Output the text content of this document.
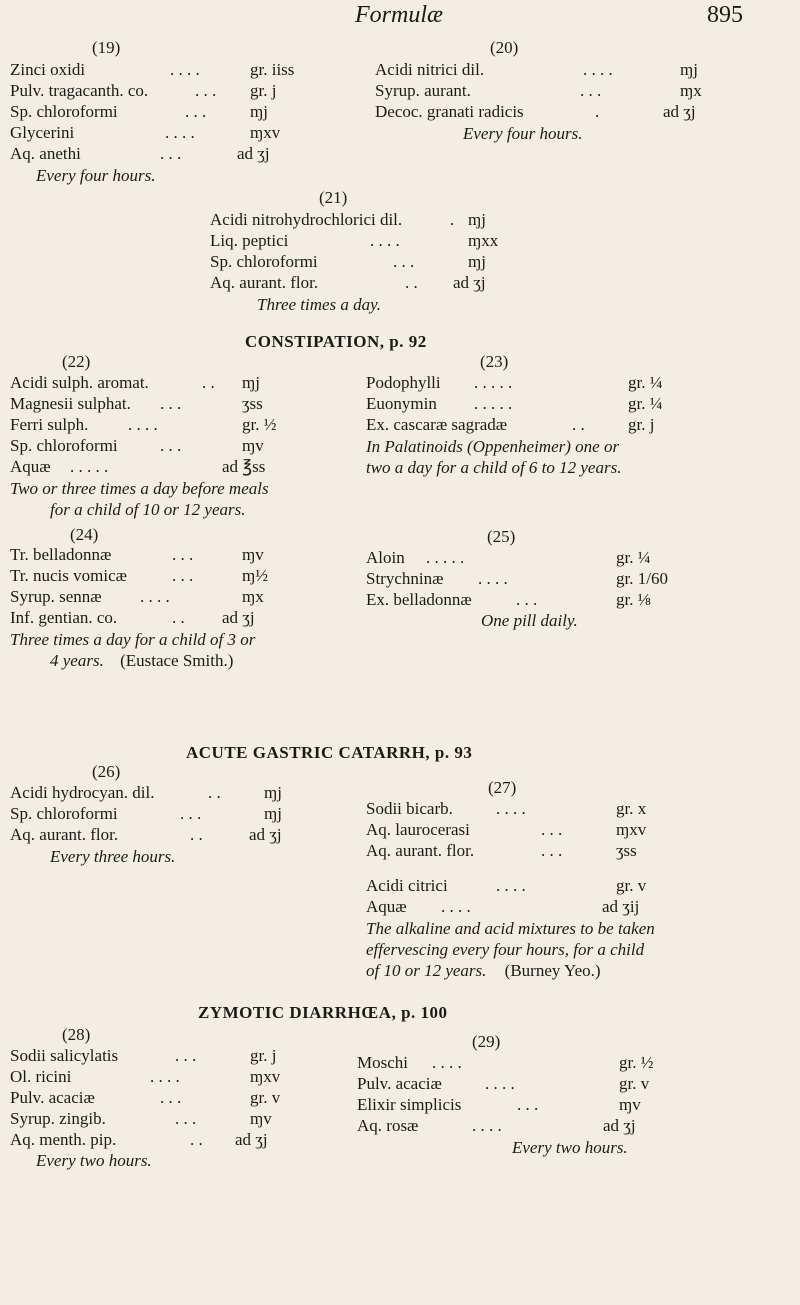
Formulæ	895
(19)
Zinci oxidi	. . . .	gr. iiss
Pulv. tragacanth. co.	. . . gr. j
Sp. chloroformi	. . .	ɱj
Glycerini	. . . .	ɱxv
Aq. anethi	. . .	ad ʒj
Every four hours.
(20)
Acidi nitrici dil.	. . . .	ɱj
Syrup. aurant.	. . .	ɱx
Decoc. granati radicis	.	ad ʒj
Every four hours.
(21)
Acidi nitrohydrochlorici dil.	. ɱj
Liq. peptici	. . . .	ɱxx
Sp. chloroformi	. . .	ɱj
Aq. aurant. flor.	. . ad ʒj
Three times a day.
CONSTIPATION, p. 92
(22)
Acidi sulph. aromat.	. . ɱj
Magnesii sulphat. . . .	ʒss
Ferri sulph. . . . .	gr. ½
Sp. chloroformi . . .	ɱv
Aquæ . . . . .	ad ℥ss
Two or three times a day before meals
for a child of 10 or 12 years.
(23)
Podophylli . . . . .	gr. ¼
Euonymin . . . . .	gr. ¼
Ex. cascaræ sagradæ	. .	gr. j
In Palatinoids (Oppenheimer) one or
two a day for a child of 6 to 12 years.
(24)
Tr. belladonnæ	. . .	ɱv
Tr. nucis vomicæ	. . .	ɱ½
Syrup. sennæ . . . .	ɱx
Inf. gentian. co.	. . ad ʒj
Three times a day for a child of 3 or
4 years. (Eustace Smith.)
(25)
Aloin . . . . .	gr. ¼
Strychninæ . . . .	gr. 1/60
Ex. belladonnæ	. . .	gr. ⅛
One pill daily.
ACUTE GASTRIC CATARRH, p. 93
(26)
Acidi hydrocyan. dil.	. .	ɱj
Sp. chloroformi	. . .	ɱj
Aq. aurant. flor.	. .	ad ʒj
Every three hours.
(27)
Sodii bicarb.	. . . .	gr. x
Aq. laurocerasi	. . .	ɱxv
Aq. aurant. flor.	. . .	ʒss
Acidi citrici	. . . .	gr. v
Aquæ . . . .	ad ʒij
The alkaline and acid mixtures to be taken
effervescing every four hours, for a child
of 10 or 12 years. (Burney Yeo.)
ZYMOTIC DIARRHŒA, p. 100
(28)
Sodii salicylatis	. . .	gr. j
Ol. ricini	. . . .	ɱxv
Pulv. acaciæ	. . .	gr. v
Syrup. zingib.	. . .	ɱv
Aq. menth. pip.	. . ad ʒj
Every two hours.
(29)
Moschi . . . .	gr. ½
Pulv. acaciæ	. . . .	gr. v
Elixir simplicis	. . .	ɱv
Aq. rosæ	. . . .	ad ʒj
Every two hours.
